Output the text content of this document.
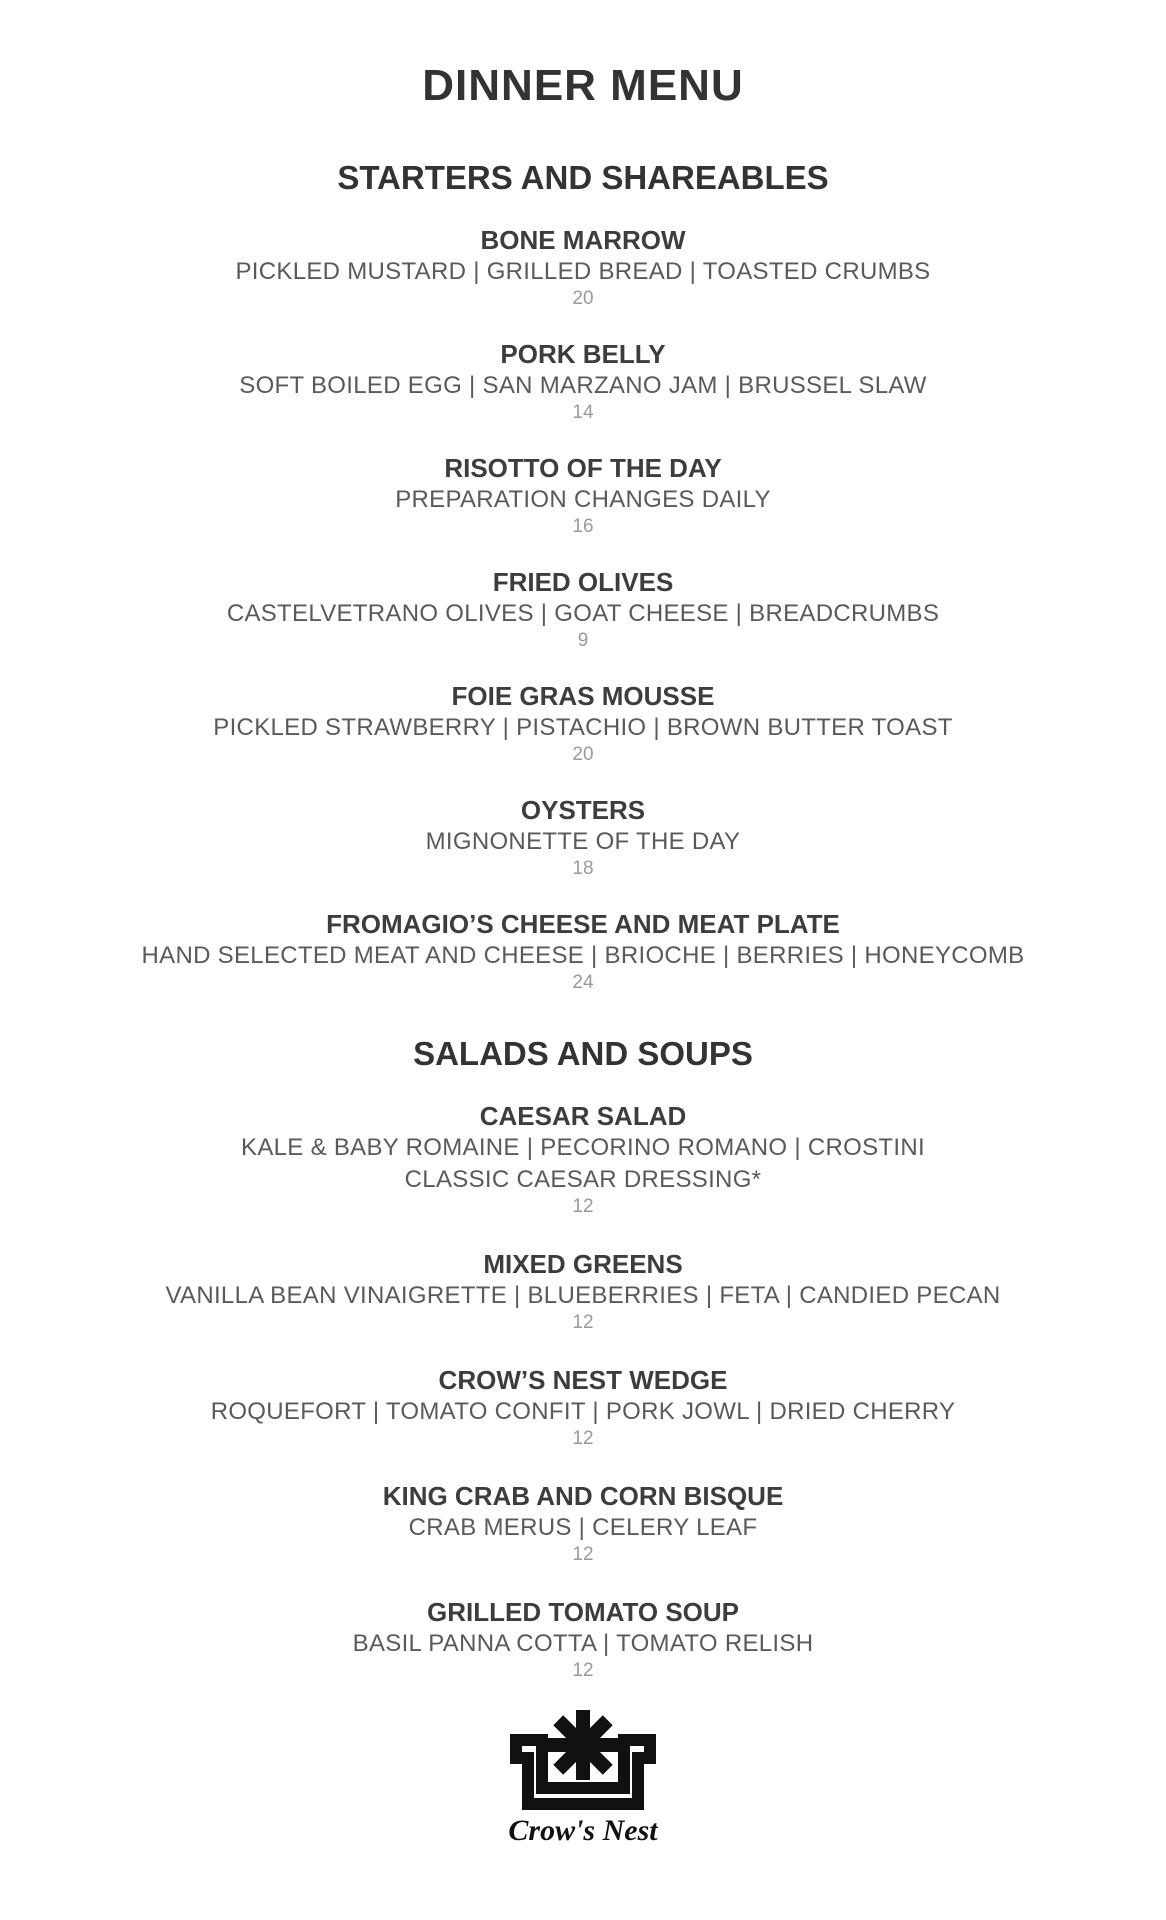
DINNER MENU
STARTERS AND SHAREABLES
BONE MARROW
PICKLED MUSTARD | GRILLED BREAD | TOASTED CRUMBS
20
PORK BELLY
SOFT BOILED EGG | SAN MARZANO JAM | BRUSSEL SLAW
14
RISOTTO OF THE DAY
PREPARATION CHANGES DAILY
16
FRIED OLIVES
CASTELVETRANO OLIVES | GOAT CHEESE | BREADCRUMBS
9
FOIE GRAS MOUSSE
PICKLED STRAWBERRY | PISTACHIO | BROWN BUTTER TOAST
20
OYSTERS
MIGNONETTE OF THE DAY
18
FROMAGIO’S CHEESE AND MEAT PLATE
HAND SELECTED MEAT AND CHEESE | BRIOCHE | BERRIES | HONEYCOMB
24
SALADS AND SOUPS
CAESAR SALAD
KALE & BABY ROMAINE | PECORINO ROMANO | CROSTINI
CLASSIC CAESAR DRESSING*
12
MIXED GREENS
VANILLA BEAN VINAIGRETTE | BLUEBERRIES | FETA | CANDIED PECAN
12
CROW’S NEST WEDGE
ROQUEFORT | TOMATO CONFIT | PORK JOWL | DRIED CHERRY
12
KING CRAB AND CORN BISQUE
CRAB MERUS | CELERY LEAF
12
GRILLED TOMATO SOUP
BASIL PANNA COTTA | TOMATO RELISH
12
Crow's Nest
